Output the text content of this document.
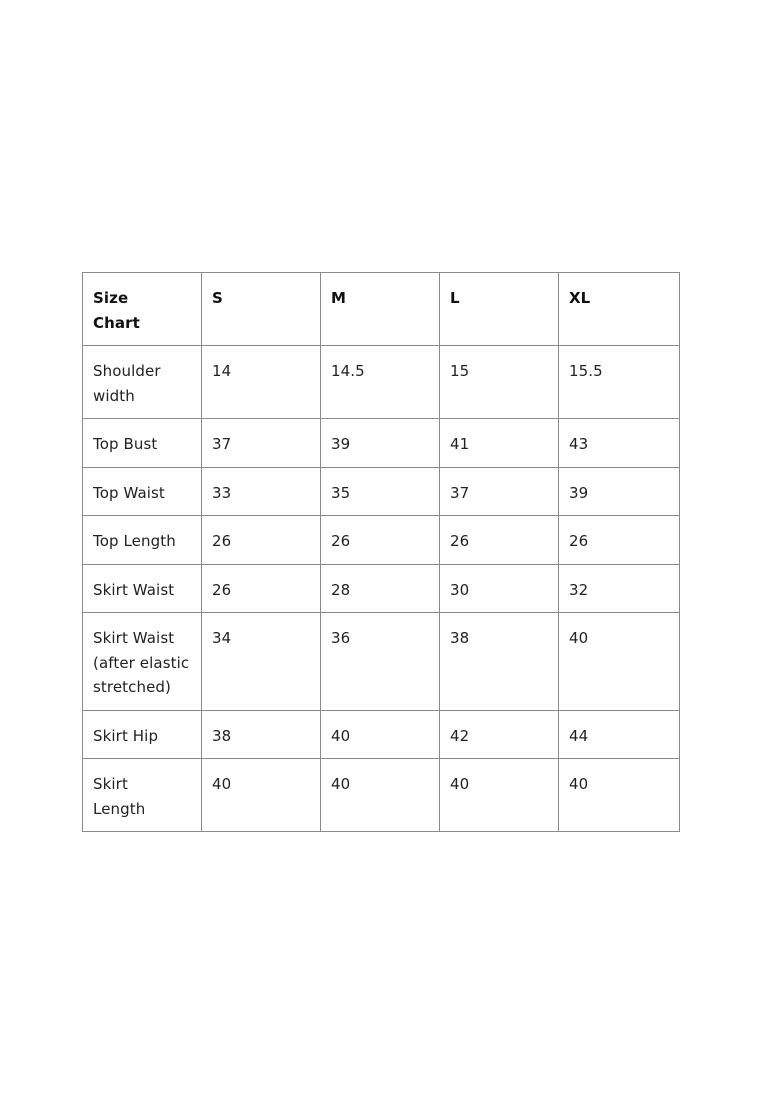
Size
Chart	S	M	L	XL

Shoulder
width	14	14.5	15	15.5

Top Bust	37	39	41	43

Top Waist	33	35	37	39

Top Length	26	26	26	26

Skirt Waist	26	28	30	32

Skirt Waist
(after elastic
stretched)	34	36	38	40

Skirt Hip	38	40	42	44

Skirt
Length	40	40	40	40
